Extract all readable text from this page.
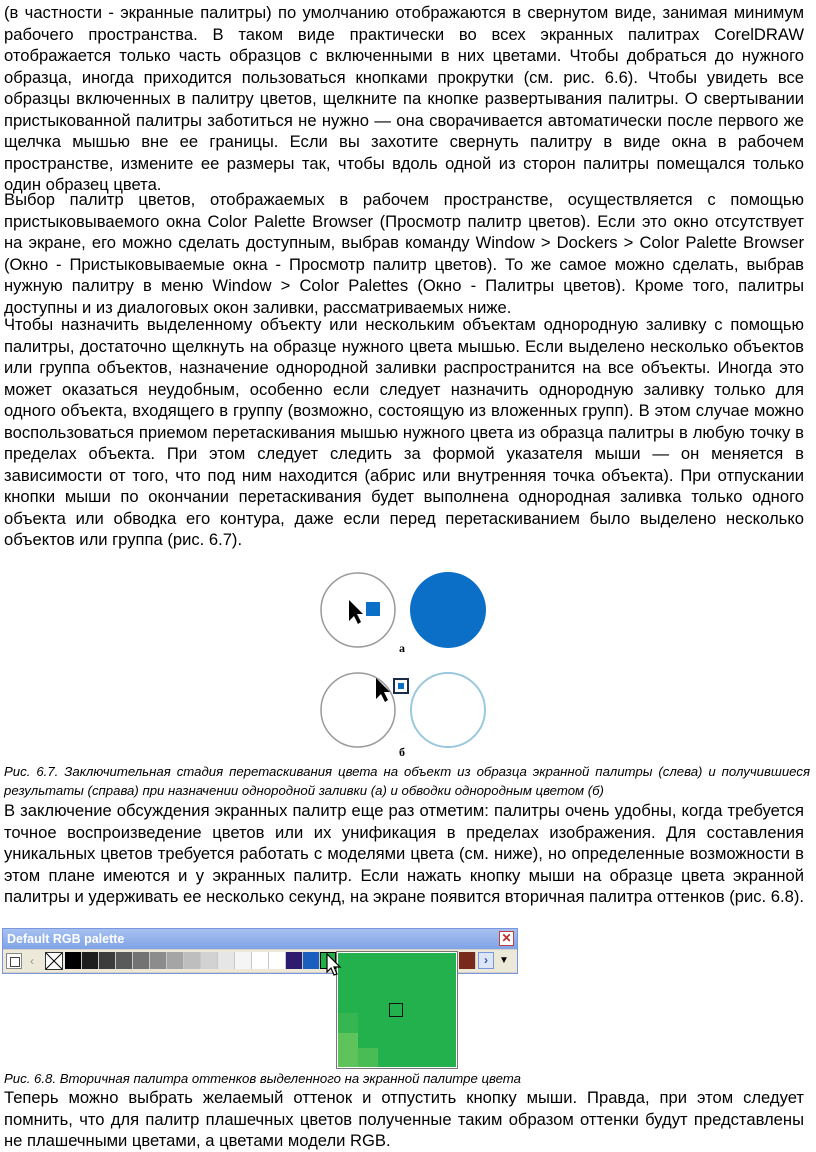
(в частности - экранные палитры) по умолчанию отображаются в свернутом виде, занимая минимум рабочего пространства. В таком виде практически во всех экранных палитрах CorelDRAW отображается только часть образцов с включенными в них цветами. Чтобы добраться до нужного образца, иногда приходится пользоваться кнопками прокрутки (см. рис. 6.6). Чтобы увидеть все образцы включенных в палитру цветов, щелкните па кнопке развертывания палитры. О свертывании пристыкованной палитры заботиться не нужно — она сворачивается автоматически после первого же щелчка мышью вне ее границы. Если вы захотите свернуть палитру в виде окна в рабочем пространстве, измените ее размеры так, чтобы вдоль одной из сторон палитры помещался только один образец цвета.

Выбор палитр цветов, отображаемых в рабочем пространстве, осуществляется с помощью пристыковываемого окна Color Palette Browser (Просмотр палитр цветов). Если это окно отсутствует на экране, его можно сделать доступным, выбрав команду Window > Dockers > Color Palette Browser (Окно - Пристыковываемые окна - Просмотр палитр цветов). То же самое можно сделать, выбрав нужную палитру в меню Window > Color Palettes (Окно - Палитры цветов). Кроме того, палитры доступны и из диалоговых окон заливки, рассматриваемых ниже.

Чтобы назначить выделенному объекту или нескольким объектам однородную заливку с помощью палитры, достаточно щелкнуть на образце нужного цвета мышью. Если выделено несколько объектов или группа объектов, назначение однородной заливки распространится на все объекты. Иногда это может оказаться неудобным, особенно если следует назначить однородную заливку только для одного объекта, входящего в группу (возможно, состоящую из вложенных групп). В этом случае можно воспользоваться приемом перетаскивания мышью нужного цвета из образца палитры в любую точку в пределах объекта. При этом следует следить за формой указателя мыши — он меняется в зависимости от того, что под ним находится (абрис или внутренняя точка объекта). При отпускании кнопки мыши по окончании перетаскивания будет выполнена однородная заливка только одного объекта или обводка его контура, даже если перед перетаскиванием было выделено несколько объектов или группа (рис. 6.7).

а
б

Рис. 6.7. Заключительная стадия перетаскивания цвета на объект из образца экранной палитры (слева) и получившиеся результаты (справа) при назначении однородной заливки (а) и обводки однородным цветом (б)

В заключение обсуждения экранных палитр еще раз отметим: палитры очень удобны, когда требуется точное воспроизведение цветов или их унификация в пределах изображения. Для составления уникальных цветов требуется работать с моделями цвета (см. ниже), но определенные возможности в этом плане имеются и у экранных палитр. Если нажать кнопку мыши на образце цвета экранной палитры и удерживать ее несколько секунд, на экране появится вторичная палитра оттенков (рис. 6.8).

Default RGB palette	✕
‹	›	▼

Рис. 6.8. Вторичная палитра оттенков выделенного на экранной палитре цвета

Теперь можно выбрать желаемый оттенок и отпустить кнопку мыши. Правда, при этом следует помнить, что для палитр плашечных цветов полученные таким образом оттенки будут представлены не плашечными цветами, а цветами модели RGB.
